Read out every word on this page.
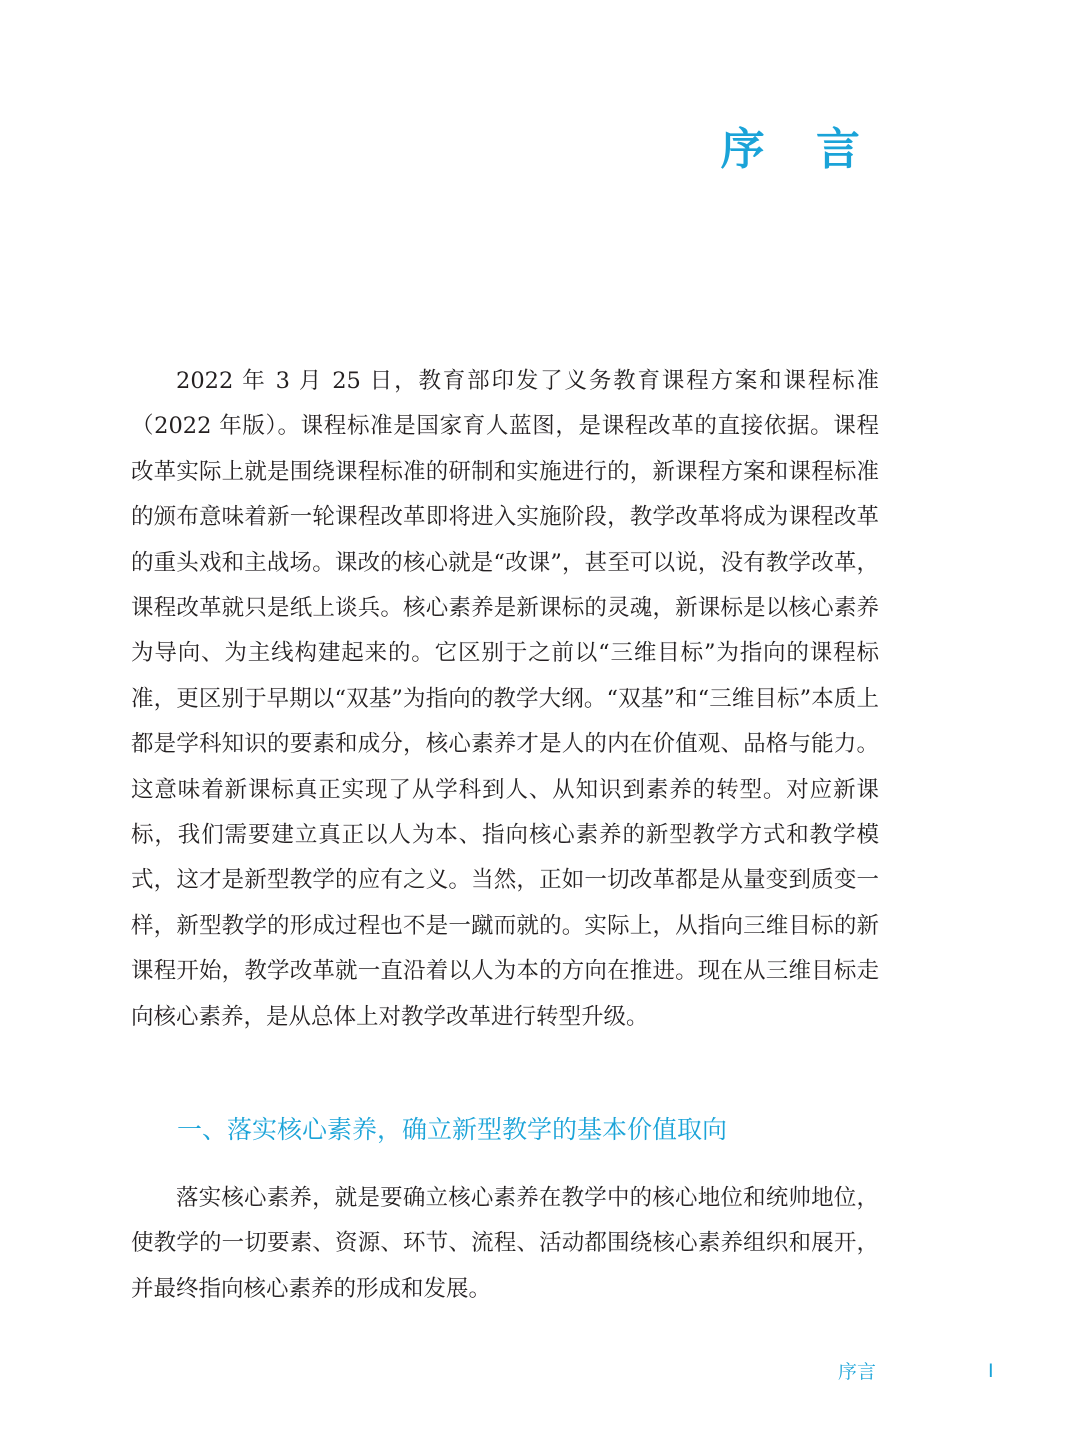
序 言

2022 年 3 月 25 日，教育部印发了义务教育课程方案和课程标准（2022 年版）。课程标准是国家育人蓝图，是课程改革的直接依据。课程改革实际上就是围绕课程标准的研制和实施进行的，新课程方案和课程标准的颁布意味着新一轮课程改革即将进入实施阶段，教学改革将成为课程改革的重头戏和主战场。课改的核心就是“改课”，甚至可以说，没有教学改革，课程改革就只是纸上谈兵。核心素养是新课标的灵魂，新课标是以核心素养为导向、为主线构建起来的。它区别于之前以“三维目标”为指向的课程标准，更区别于早期以“双基”为指向的教学大纲。“双基”和“三维目标”本质上都是学科知识的要素和成分，核心素养才是人的内在价值观、品格与能力。这意味着新课标真正实现了从学科到人、从知识到素养的转型。对应新课标，我们需要建立真正以人为本、指向核心素养的新型教学方式和教学模式，这才是新型教学的应有之义。当然，正如一切改革都是从量变到质变一样，新型教学的形成过程也不是一蹴而就的。实际上，从指向三维目标的新课程开始，教学改革就一直沿着以人为本的方向在推进。现在从三维目标走向核心素养，是从总体上对教学改革进行转型升级。

一、落实核心素养，确立新型教学的基本价值取向

落实核心素养，就是要确立核心素养在教学中的核心地位和统帅地位，使教学的一切要素、资源、环节、流程、活动都围绕核心素养组织和展开，并最终指向核心素养的形成和发展。

序言	I
